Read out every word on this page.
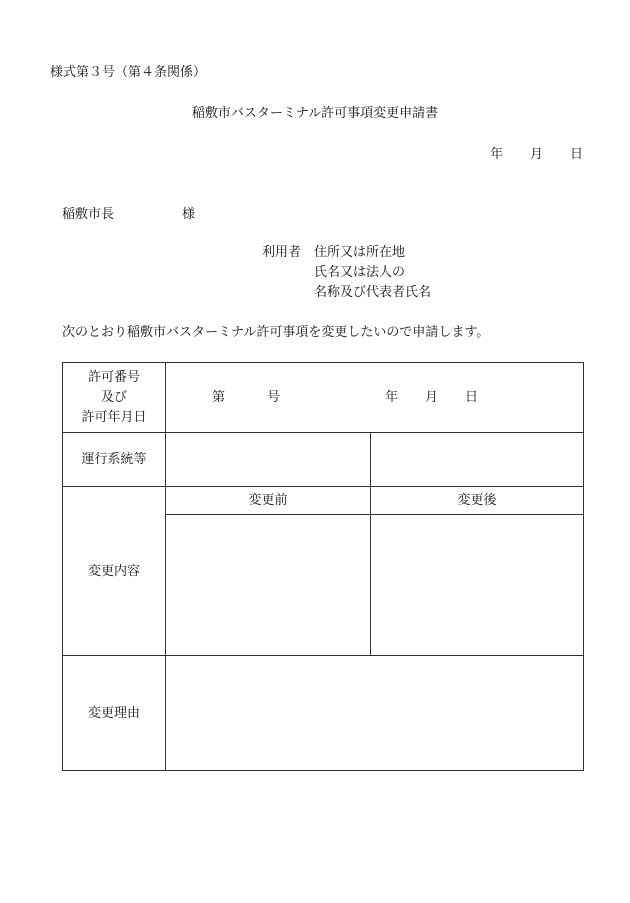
様式第３号（第４条関係）
稲敷市バスターミナル許可事項変更申請書
年 月 日
稲敷市長	様
利用者 住所又は所在地
氏名又は法人の
名称及び代表者氏名
次のとおり稲敷市バスターミナル許可事項を変更したいので申請します。
許可番号
及び
許可年月日	第 号 年 月 日	

運行系統等		
変更内容	変更前	変更後

変更理由		
